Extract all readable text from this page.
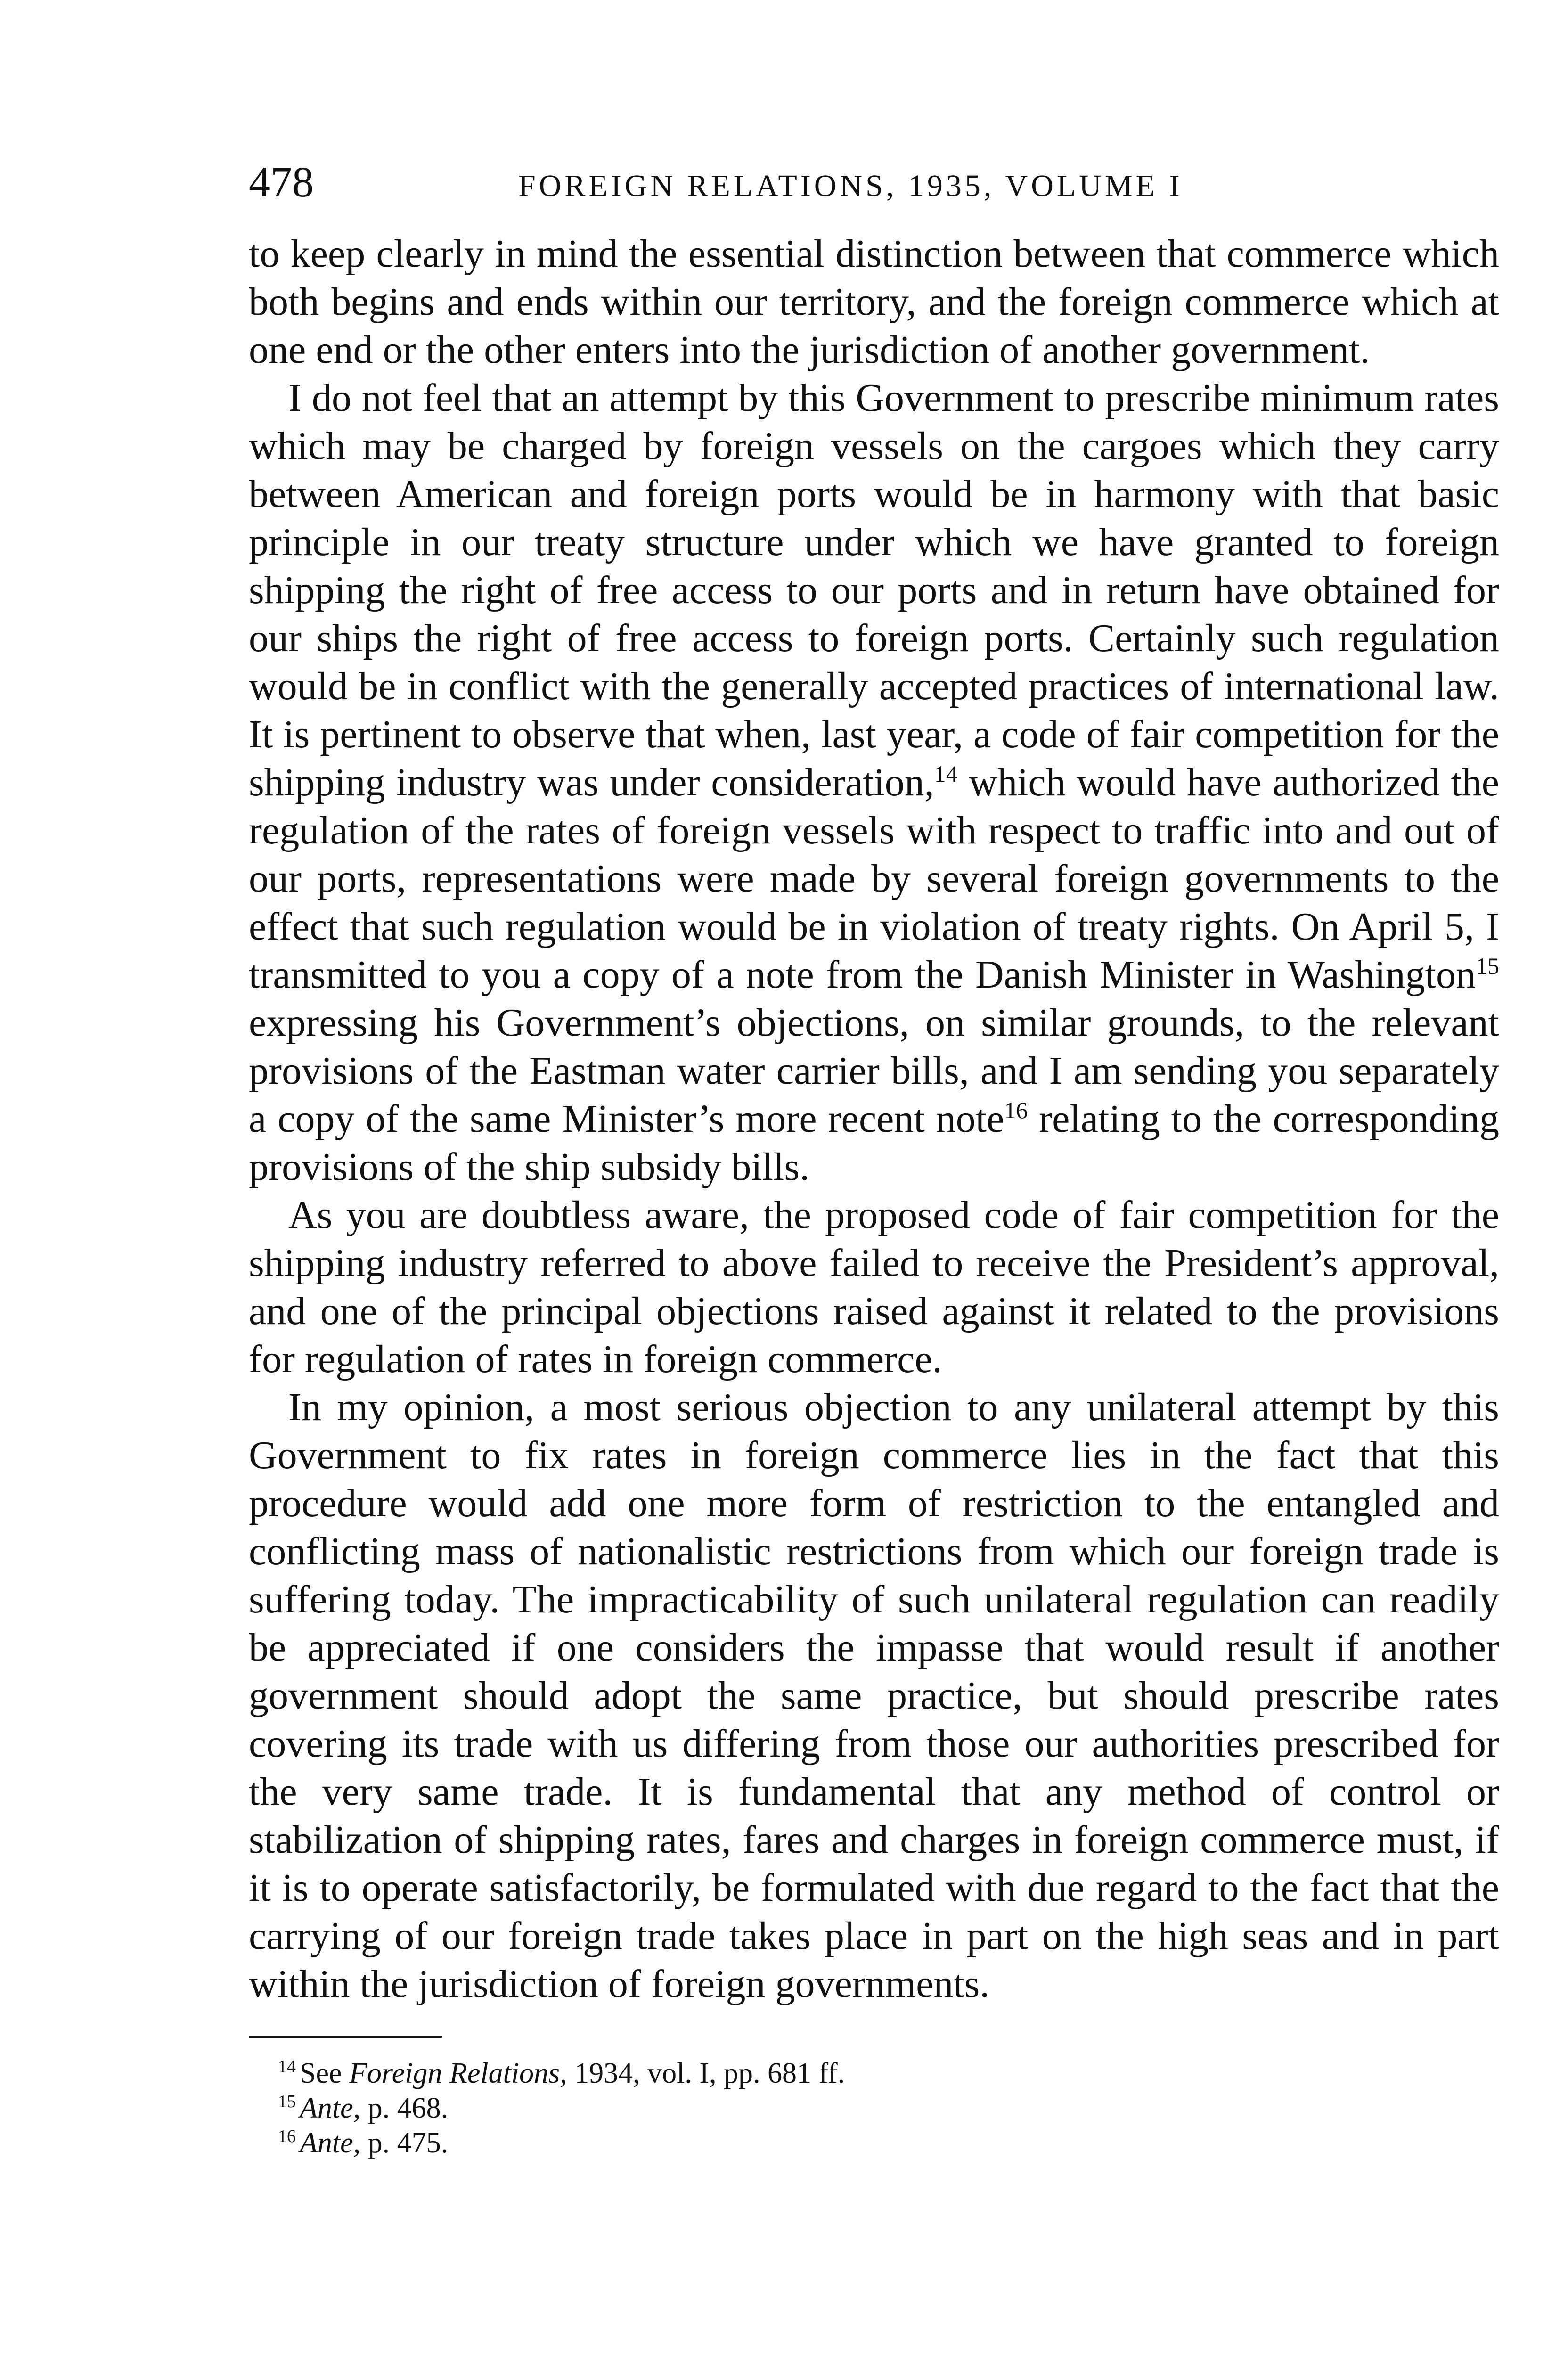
478	FOREIGN RELATIONS, 1935, VOLUME I

to keep clearly in mind the essential distinction between that commerce which both begins and ends within our territory, and the foreign commerce which at one end or the other enters into the jurisdiction of another government.

I do not feel that an attempt by this Government to prescribe minimum rates which may be charged by foreign vessels on the cargoes which they carry between American and foreign ports would be in harmony with that basic principle in our treaty structure under which we have granted to foreign shipping the right of free access to our ports and in return have obtained for our ships the right of free access to foreign ports. Certainly such regulation would be in conflict with the generally accepted practices of international law. It is pertinent to observe that when, last year, a code of fair competition for the shipping industry was under consideration,$^{14}$ which would have authorized the regulation of the rates of foreign vessels with respect to traffic into and out of our ports, representations were made by several foreign governments to the effect that such regulation would be in violation of treaty rights. On April 5, I transmitted to you a copy of a note from the Danish Minister in Washington$^{15}$ expressing his Government’s objections, on similar grounds, to the relevant provisions of the Eastman water carrier bills, and I am sending you separately a copy of the same Minister’s more recent note$^{16}$ relating to the corresponding provisions of the ship subsidy bills.

As you are doubtless aware, the proposed code of fair competition for the shipping industry referred to above failed to receive the President’s approval, and one of the principal objections raised against it related to the provisions for regulation of rates in foreign commerce.

In my opinion, a most serious objection to any unilateral attempt by this Government to fix rates in foreign commerce lies in the fact that this procedure would add one more form of restriction to the entangled and conflicting mass of nationalistic restrictions from which our foreign trade is suffering today. The impracticability of such unilateral regulation can readily be appreciated if one considers the impasse that would result if another government should adopt the same practice, but should prescribe rates covering its trade with us differing from those our authorities prescribed for the very same trade. It is fundamental that any method of control or stabilization of shipping rates, fares and charges in foreign commerce must, if it is to operate satisfactorily, be formulated with due regard to the fact that the carrying of our foreign trade takes place in part on the high seas and in part within the jurisdiction of foreign governments.

$^{14}$ See Foreign Relations, 1934, vol. I, pp. 681 ff.
$^{15}$ Ante, p. 468.
$^{16}$ Ante, p. 475.
